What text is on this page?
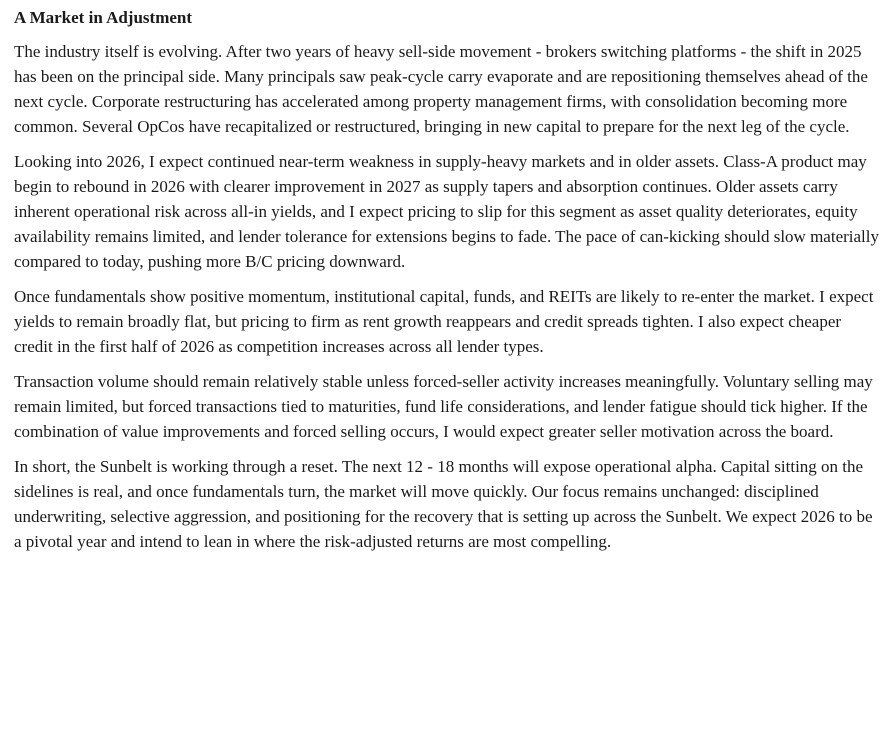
A Market in Adjustment

The industry itself is evolving. After two years of heavy sell-side movement - brokers switching platforms - the shift in 2025 has been on the principal side. Many principals saw peak-cycle carry evaporate and are repositioning themselves ahead of the next cycle. Corporate restructuring has accelerated among property management firms, with consolidation becoming more common. Several OpCos have recapitalized or restructured, bringing in new capital to prepare for the next leg of the cycle.

Looking into 2026, I expect continued near-term weakness in supply-heavy markets and in older assets. Class-A product may begin to rebound in 2026 with clearer improvement in 2027 as supply tapers and absorption continues. Older assets carry inherent operational risk across all-in yields, and I expect pricing to slip for this segment as asset quality deteriorates, equity availability remains limited, and lender tolerance for extensions begins to fade. The pace of can-kicking should slow materially compared to today, pushing more B/C pricing downward.

Once fundamentals show positive momentum, institutional capital, funds, and REITs are likely to re-enter the market. I expect yields to remain broadly flat, but pricing to firm as rent growth reappears and credit spreads tighten. I also expect cheaper credit in the first half of 2026 as competition increases across all lender types.

Transaction volume should remain relatively stable unless forced-seller activity increases meaningfully. Voluntary selling may remain limited, but forced transactions tied to maturities, fund life considerations, and lender fatigue should tick higher. If the combination of value improvements and forced selling occurs, I would expect greater seller motivation across the board.

In short, the Sunbelt is working through a reset. The next 12 - 18 months will expose operational alpha. Capital sitting on the sidelines is real, and once fundamentals turn, the market will move quickly. Our focus remains unchanged: disciplined underwriting, selective aggression, and positioning for the recovery that is setting up across the Sunbelt. We expect 2026 to be a pivotal year and intend to lean in where the risk-adjusted returns are most compelling.
